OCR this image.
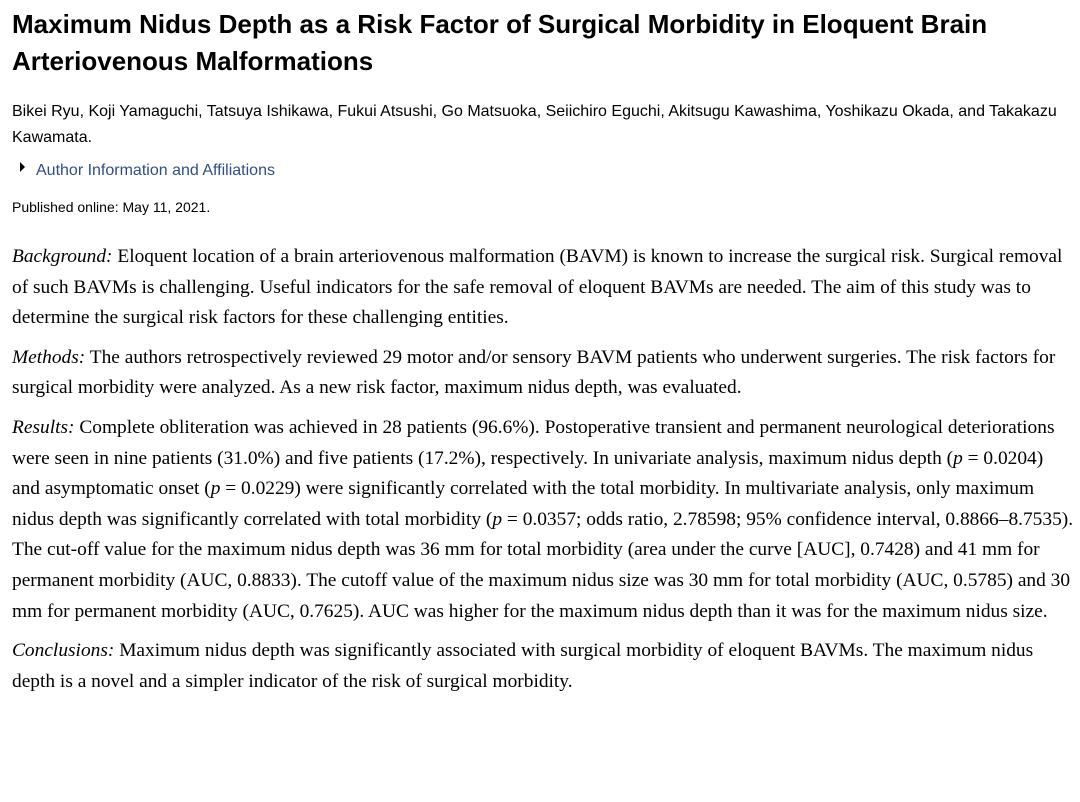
Maximum Nidus Depth as a Risk Factor of Surgical Morbidity in Eloquent Brain Arteriovenous Malformations
Bikei Ryu, Koji Yamaguchi, Tatsuya Ishikawa, Fukui Atsushi, Go Matsuoka, Seiichiro Eguchi, Akitsugu Kawashima, Yoshikazu Okada, and Takakazu Kawamata.
Author Information and Affiliations
Published online: May 11, 2021.

Background: Eloquent location of a brain arteriovenous malformation (BAVM) is known to increase the surgical risk. Surgical removal of such BAVMs is challenging. Useful indicators for the safe removal of eloquent BAVMs are needed. The aim of this study was to determine the surgical risk factors for these challenging entities.

Methods: The authors retrospectively reviewed 29 motor and/or sensory BAVM patients who underwent surgeries. The risk factors for surgical morbidity were analyzed. As a new risk factor, maximum nidus depth, was evaluated.

Results: Complete obliteration was achieved in 28 patients (96.6%). Postoperative transient and permanent neurological deteriorations were seen in nine patients (31.0%) and five patients (17.2%), respectively. In univariate analysis, maximum nidus depth (p = 0.0204) and asymptomatic onset (p = 0.0229) were significantly correlated with the total morbidity. In multivariate analysis, only maximum nidus depth was significantly correlated with total morbidity (p = 0.0357; odds ratio, 2.78598; 95% confidence interval, 0.8866–8.7535). The cut-off value for the maximum nidus depth was 36 mm for total morbidity (area under the curve [AUC], 0.7428) and 41 mm for permanent morbidity (AUC, 0.8833). The cutoff value of the maximum nidus size was 30 mm for total morbidity (AUC, 0.5785) and 30 mm for permanent morbidity (AUC, 0.7625). AUC was higher for the maximum nidus depth than it was for the maximum nidus size.

Conclusions: Maximum nidus depth was significantly associated with surgical morbidity of eloquent BAVMs. The maximum nidus depth is a novel and a simpler indicator of the risk of surgical morbidity.
